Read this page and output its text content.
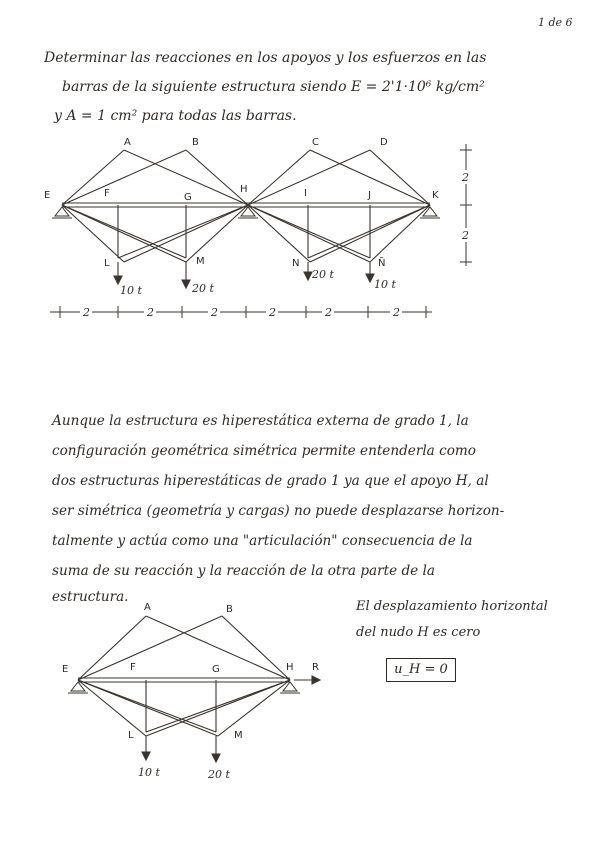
1 de 6
Determinar las reacciones en los apoyos y los esfuerzos en las
barras de la siguiente estructura siendo E = 2'1·10⁶ kg/cm²
y A = 1 cm² para todas las barras.
A	B	C	D
E	F	G
H	I	J	K
L	M	N	Ñ
10 t	20 t
20 t
10 t
2	2	2	2	2	2
2
2
Aunque la estructura es hiperestática externa de grado 1, la
configuración geométrica simétrica permite entenderla como
dos estructuras hiperestáticas de grado 1 ya que el apoyo H, al
ser simétrica (geometría y cargas) no puede desplazarse horizon-
talmente y actúa como una "articulación" consecuencia de la
suma de su reacción y la reacción de la otra parte de la
estructura.
A	B
E	F	G	H
L	M
R
10 t	20 t
El desplazamiento horizontal
del nudo H es cero
u_H = 0
